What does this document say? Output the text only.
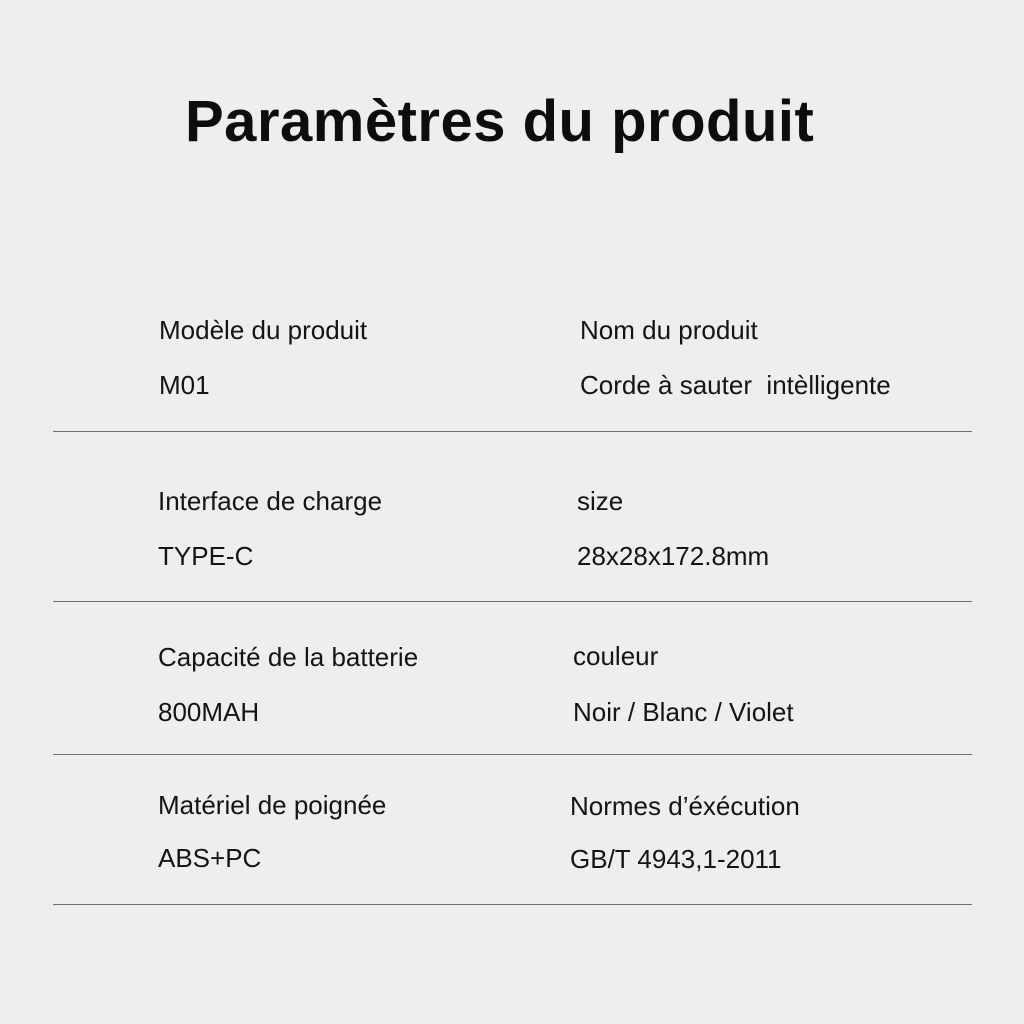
Paramètres du produit
Modèle du produit
M01
Nom du produit
Corde à sauter  intèlligente
Interface de charge
TYPE-C
size
28x28x172.8mm
Capacité de la batterie
800MAH
couleur
Noir / Blanc / Violet
Matériel de poignée
ABS+PC
Normes d’éxécution
GB/T 4943,1-2011
